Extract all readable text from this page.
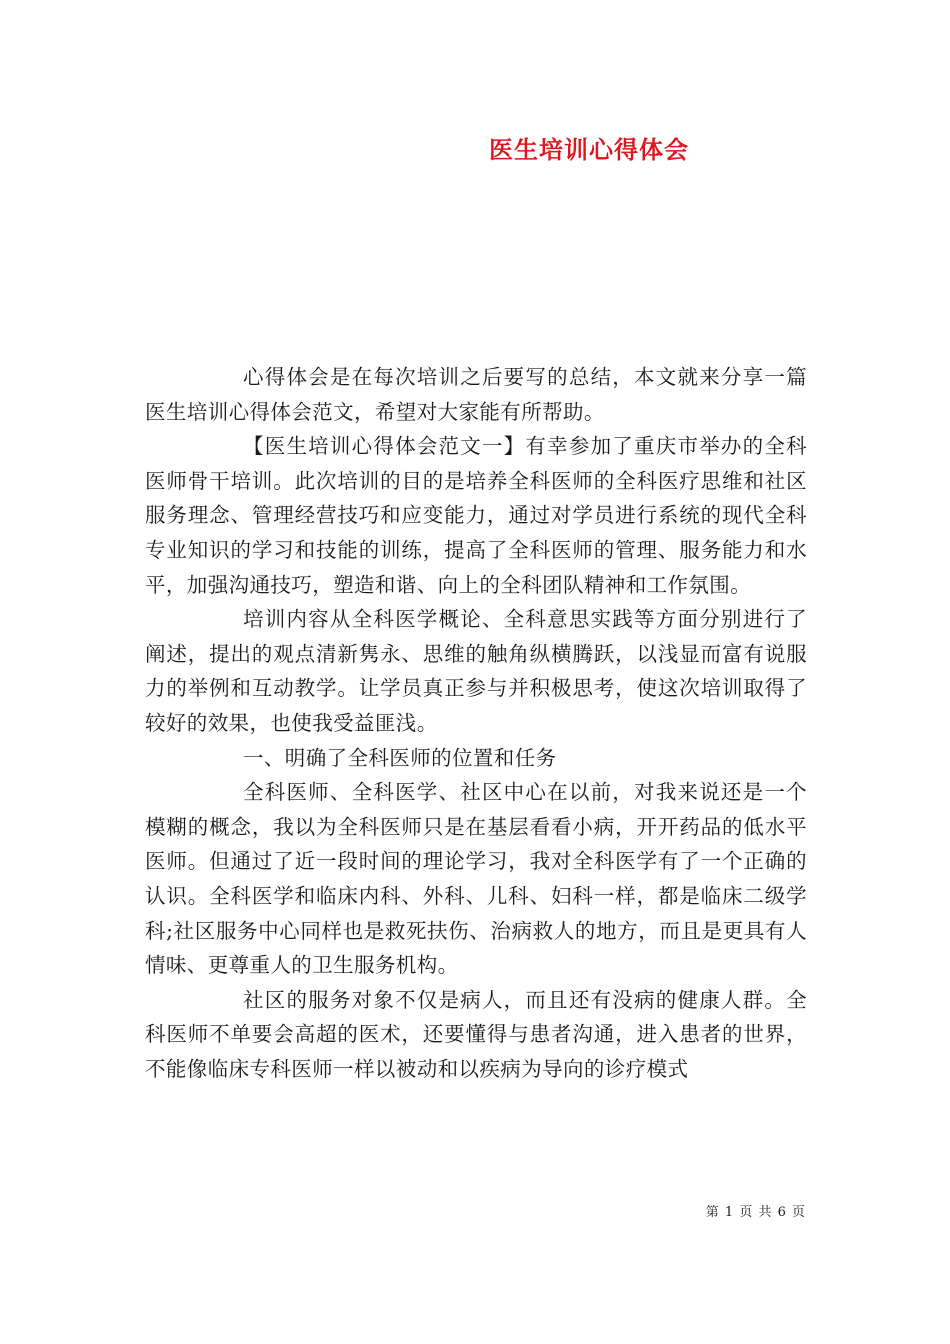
医生培训心得体会

心得体会是在每次培训之后要写的总结，本文就来分享一篇医生培训心得体会范文，希望对大家能有所帮助。

【医生培训心得体会范文一】有幸参加了重庆市举办的全科医师骨干培训。此次培训的目的是培养全科医师的全科医疗思维和社区服务理念、管理经营技巧和应变能力，通过对学员进行系统的现代全科专业知识的学习和技能的训练，提高了全科医师的管理、服务能力和水平，加强沟通技巧，塑造和谐、向上的全科团队精神和工作氛围。

培训内容从全科医学概论、全科意思实践等方面分别进行了阐述，提出的观点清新隽永、思维的触角纵横腾跃，以浅显而富有说服力的举例和互动教学。让学员真正参与并积极思考，使这次培训取得了较好的效果，也使我受益匪浅。

一、明确了全科医师的位置和任务

全科医师、全科医学、社区中心在以前，对我来说还是一个模糊的概念，我以为全科医师只是在基层看看小病，开开药品的低水平医师。但通过了近一段时间的理论学习，我对全科医学有了一个正确的认识。全科医学和临床内科、外科、儿科、妇科一样，都是临床二级学科;社区服务中心同样也是救死扶伤、治病救人的地方，而且是更具有人情味、更尊重人的卫生服务机构。

社区的服务对象不仅是病人，而且还有没病的健康人群。全科医师不单要会高超的医术，还要懂得与患者沟通，进入患者的世界，不能像临床专科医师一样以被动和以疾病为导向的诊疗模式

第 1 页 共 6 页
